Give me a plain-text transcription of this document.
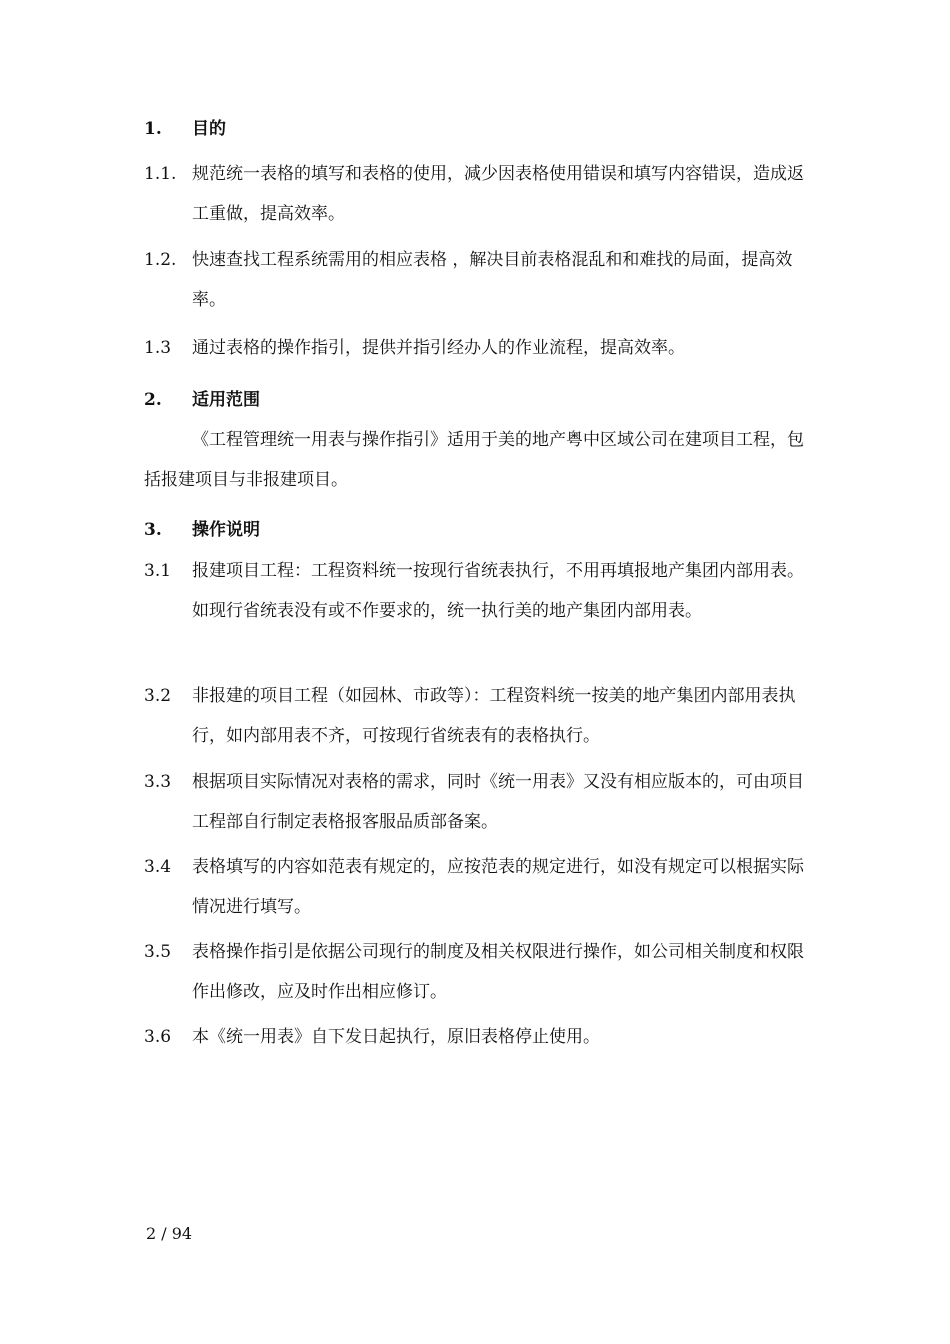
1. 目的
1.1. 规范统一表格的填写和表格的使用，减少因表格使用错误和填写内容错误，造成返工重做，提高效率。
1.2. 快速查找工程系统需用的相应表格 ，解决目前表格混乱和和难找的局面，提高效率。
1.3	通过表格的操作指引，提供并指引经办人的作业流程，提高效率。
2. 适用范围
《工程管理统一用表与操作指引》适用于美的地产粤中区域公司在建项目工程，包括报建项目与非报建项目。
3. 操作说明
3.1	报建项目工程：工程资料统一按现行省统表执行，不用再填报地产集团内部用表。如现行省统表没有或不作要求的，统一执行美的地产集团内部用表。
3.2	非报建的项目工程（如园林、市政等）：工程资料统一按美的地产集团内部用表执行，如内部用表不齐，可按现行省统表有的表格执行。
3.3	根据项目实际情况对表格的需求，同时《统一用表》又没有相应版本的，可由项目工程部自行制定表格报客服品质部备案。
3.4	表格填写的内容如范表有规定的，应按范表的规定进行，如没有规定可以根据实际情况进行填写。
3.5	表格操作指引是依据公司现行的制度及相关权限进行操作，如公司相关制度和权限作出修改，应及时作出相应修订。
3.6	本《统一用表》自下发日起执行，原旧表格停止使用。
2 / 94
